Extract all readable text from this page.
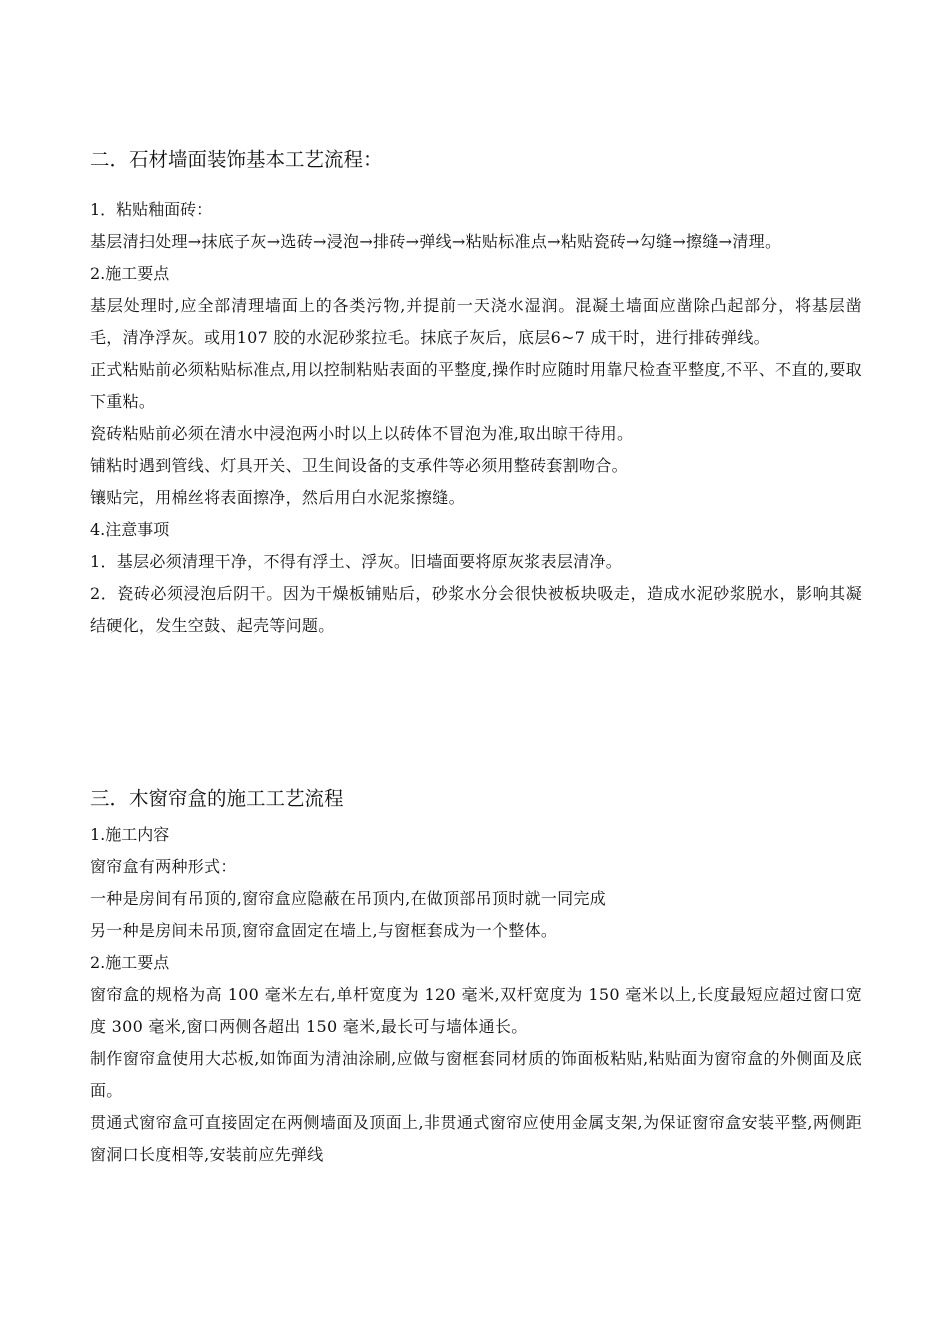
二．石材墙面装饰基本工艺流程：

1．粘贴釉面砖：

基层清扫处理→抹底子灰→选砖→浸泡→排砖→弹线→粘贴标准点→粘贴瓷砖→勾缝→擦缝→清理。

2.施工要点

基层处理时,应全部清理墙面上的各类污物,并提前一天浇水湿润。混凝土墙面应凿除凸起部分，将基层凿毛，清净浮灰。或用107 胶的水泥砂浆拉毛。抹底子灰后，底层6~7 成干时，进行排砖弹线。

正式粘贴前必须粘贴标准点,用以控制粘贴表面的平整度,操作时应随时用靠尺检查平整度,不平、不直的,要取下重粘。

瓷砖粘贴前必须在清水中浸泡两小时以上以砖体不冒泡为准,取出晾干待用。

铺粘时遇到管线、灯具开关、卫生间设备的支承件等必须用整砖套割吻合。

镶贴完，用棉丝将表面擦净，然后用白水泥浆擦缝。

4.注意事项

1．基层必须清理干净，不得有浮土、浮灰。旧墙面要将原灰浆表层清净。

2．瓷砖必须浸泡后阴干。因为干燥板铺贴后，砂浆水分会很快被板块吸走，造成水泥砂浆脱水，影响其凝结硬化，发生空鼓、起壳等问题。

三．木窗帘盒的施工工艺流程

1.施工内容

窗帘盒有两种形式：

一种是房间有吊顶的,窗帘盒应隐蔽在吊顶内,在做顶部吊顶时就一同完成

另一种是房间未吊顶,窗帘盒固定在墙上,与窗框套成为一个整体。

2.施工要点

窗帘盒的规格为高 100 毫米左右,单杆宽度为 120 毫米,双杆宽度为 150 毫米以上,长度最短应超过窗口宽度 300 毫米,窗口两侧各超出 150 毫米,最长可与墙体通长。

制作窗帘盒使用大芯板,如饰面为清油涂刷,应做与窗框套同材质的饰面板粘贴,粘贴面为窗帘盒的外侧面及底面。

贯通式窗帘盒可直接固定在两侧墙面及顶面上,非贯通式窗帘应使用金属支架,为保证窗帘盒安装平整,两侧距窗洞口长度相等,安装前应先弹线
